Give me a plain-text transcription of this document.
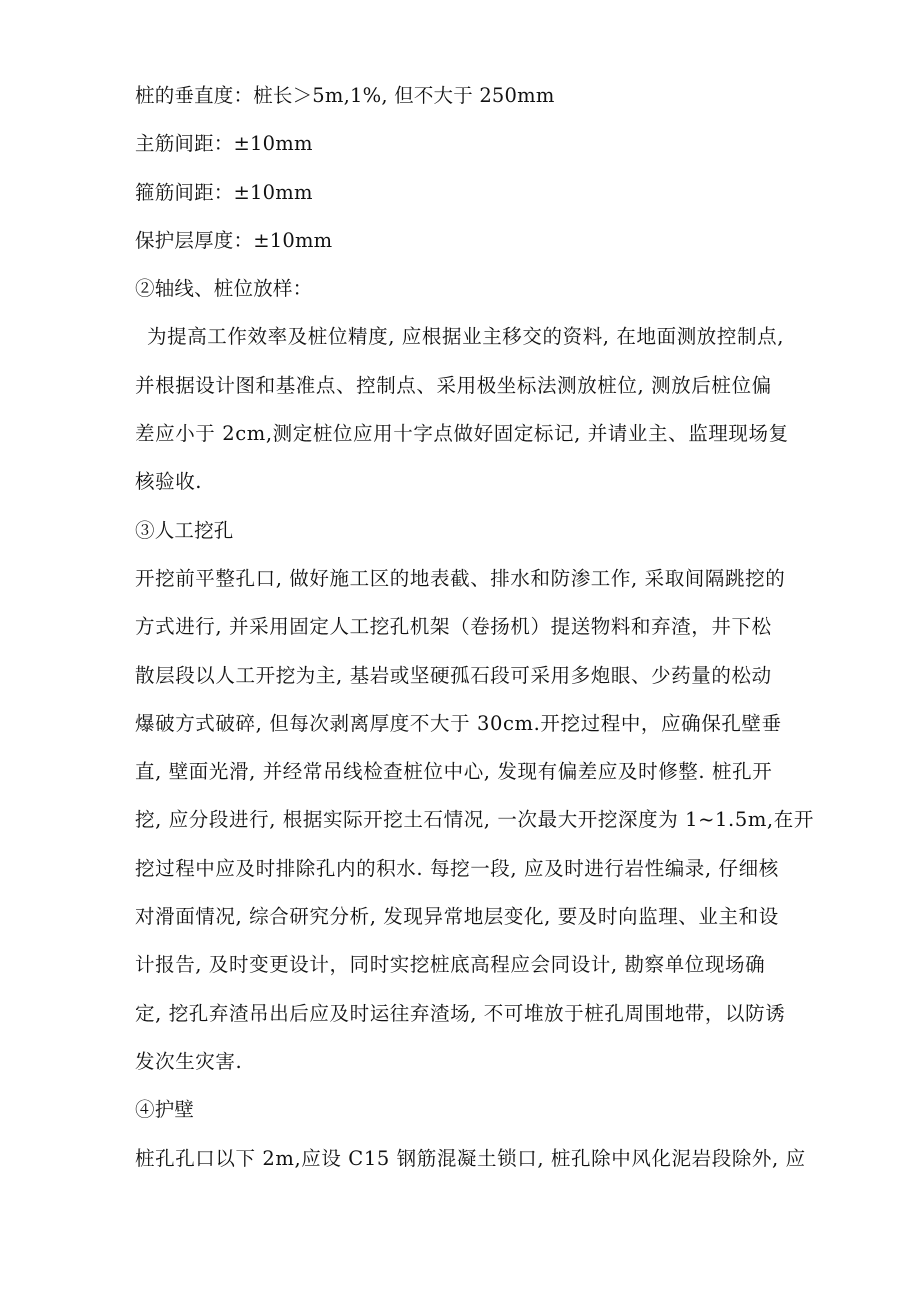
桩的垂直度：桩长＞5m,1%, 但不大于 250mm
主筋间距：±10mm
箍筋间距：±10mm
保护层厚度：±10mm
②轴线、桩位放样：
为提高工作效率及桩位精度, 应根据业主移交的资料, 在地面测放控制点,
并根据设计图和基准点、控制点、采用极坐标法测放桩位, 测放后桩位偏
差应小于 2cm,测定桩位应用十字点做好固定标记, 并请业主、监理现场复
核验收.
③人工挖孔
开挖前平整孔口, 做好施工区的地表截、排水和防渗工作, 采取间隔跳挖的
方式进行, 并采用固定人工挖孔机架（卷扬机）提送物料和弃渣，井下松
散层段以人工开挖为主, 基岩或坚硬孤石段可采用多炮眼、少药量的松动
爆破方式破碎, 但每次剥离厚度不大于 30cm.开挖过程中，应确保孔壁垂
直, 壁面光滑, 并经常吊线检查桩位中心, 发现有偏差应及时修整. 桩孔开
挖, 应分段进行, 根据实际开挖土石情况, 一次最大开挖深度为 1~1.5m,在开
挖过程中应及时排除孔内的积水. 每挖一段, 应及时进行岩性编录, 仔细核
对滑面情况, 综合研究分析, 发现异常地层变化, 要及时向监理、业主和设
计报告, 及时变更设计，同时实挖桩底高程应会同设计, 勘察单位现场确
定, 挖孔弃渣吊出后应及时运往弃渣场, 不可堆放于桩孔周围地带，以防诱
发次生灾害.
④护壁
桩孔孔口以下 2m,应设 C15 钢筋混凝土锁口, 桩孔除中风化泥岩段除外, 应
